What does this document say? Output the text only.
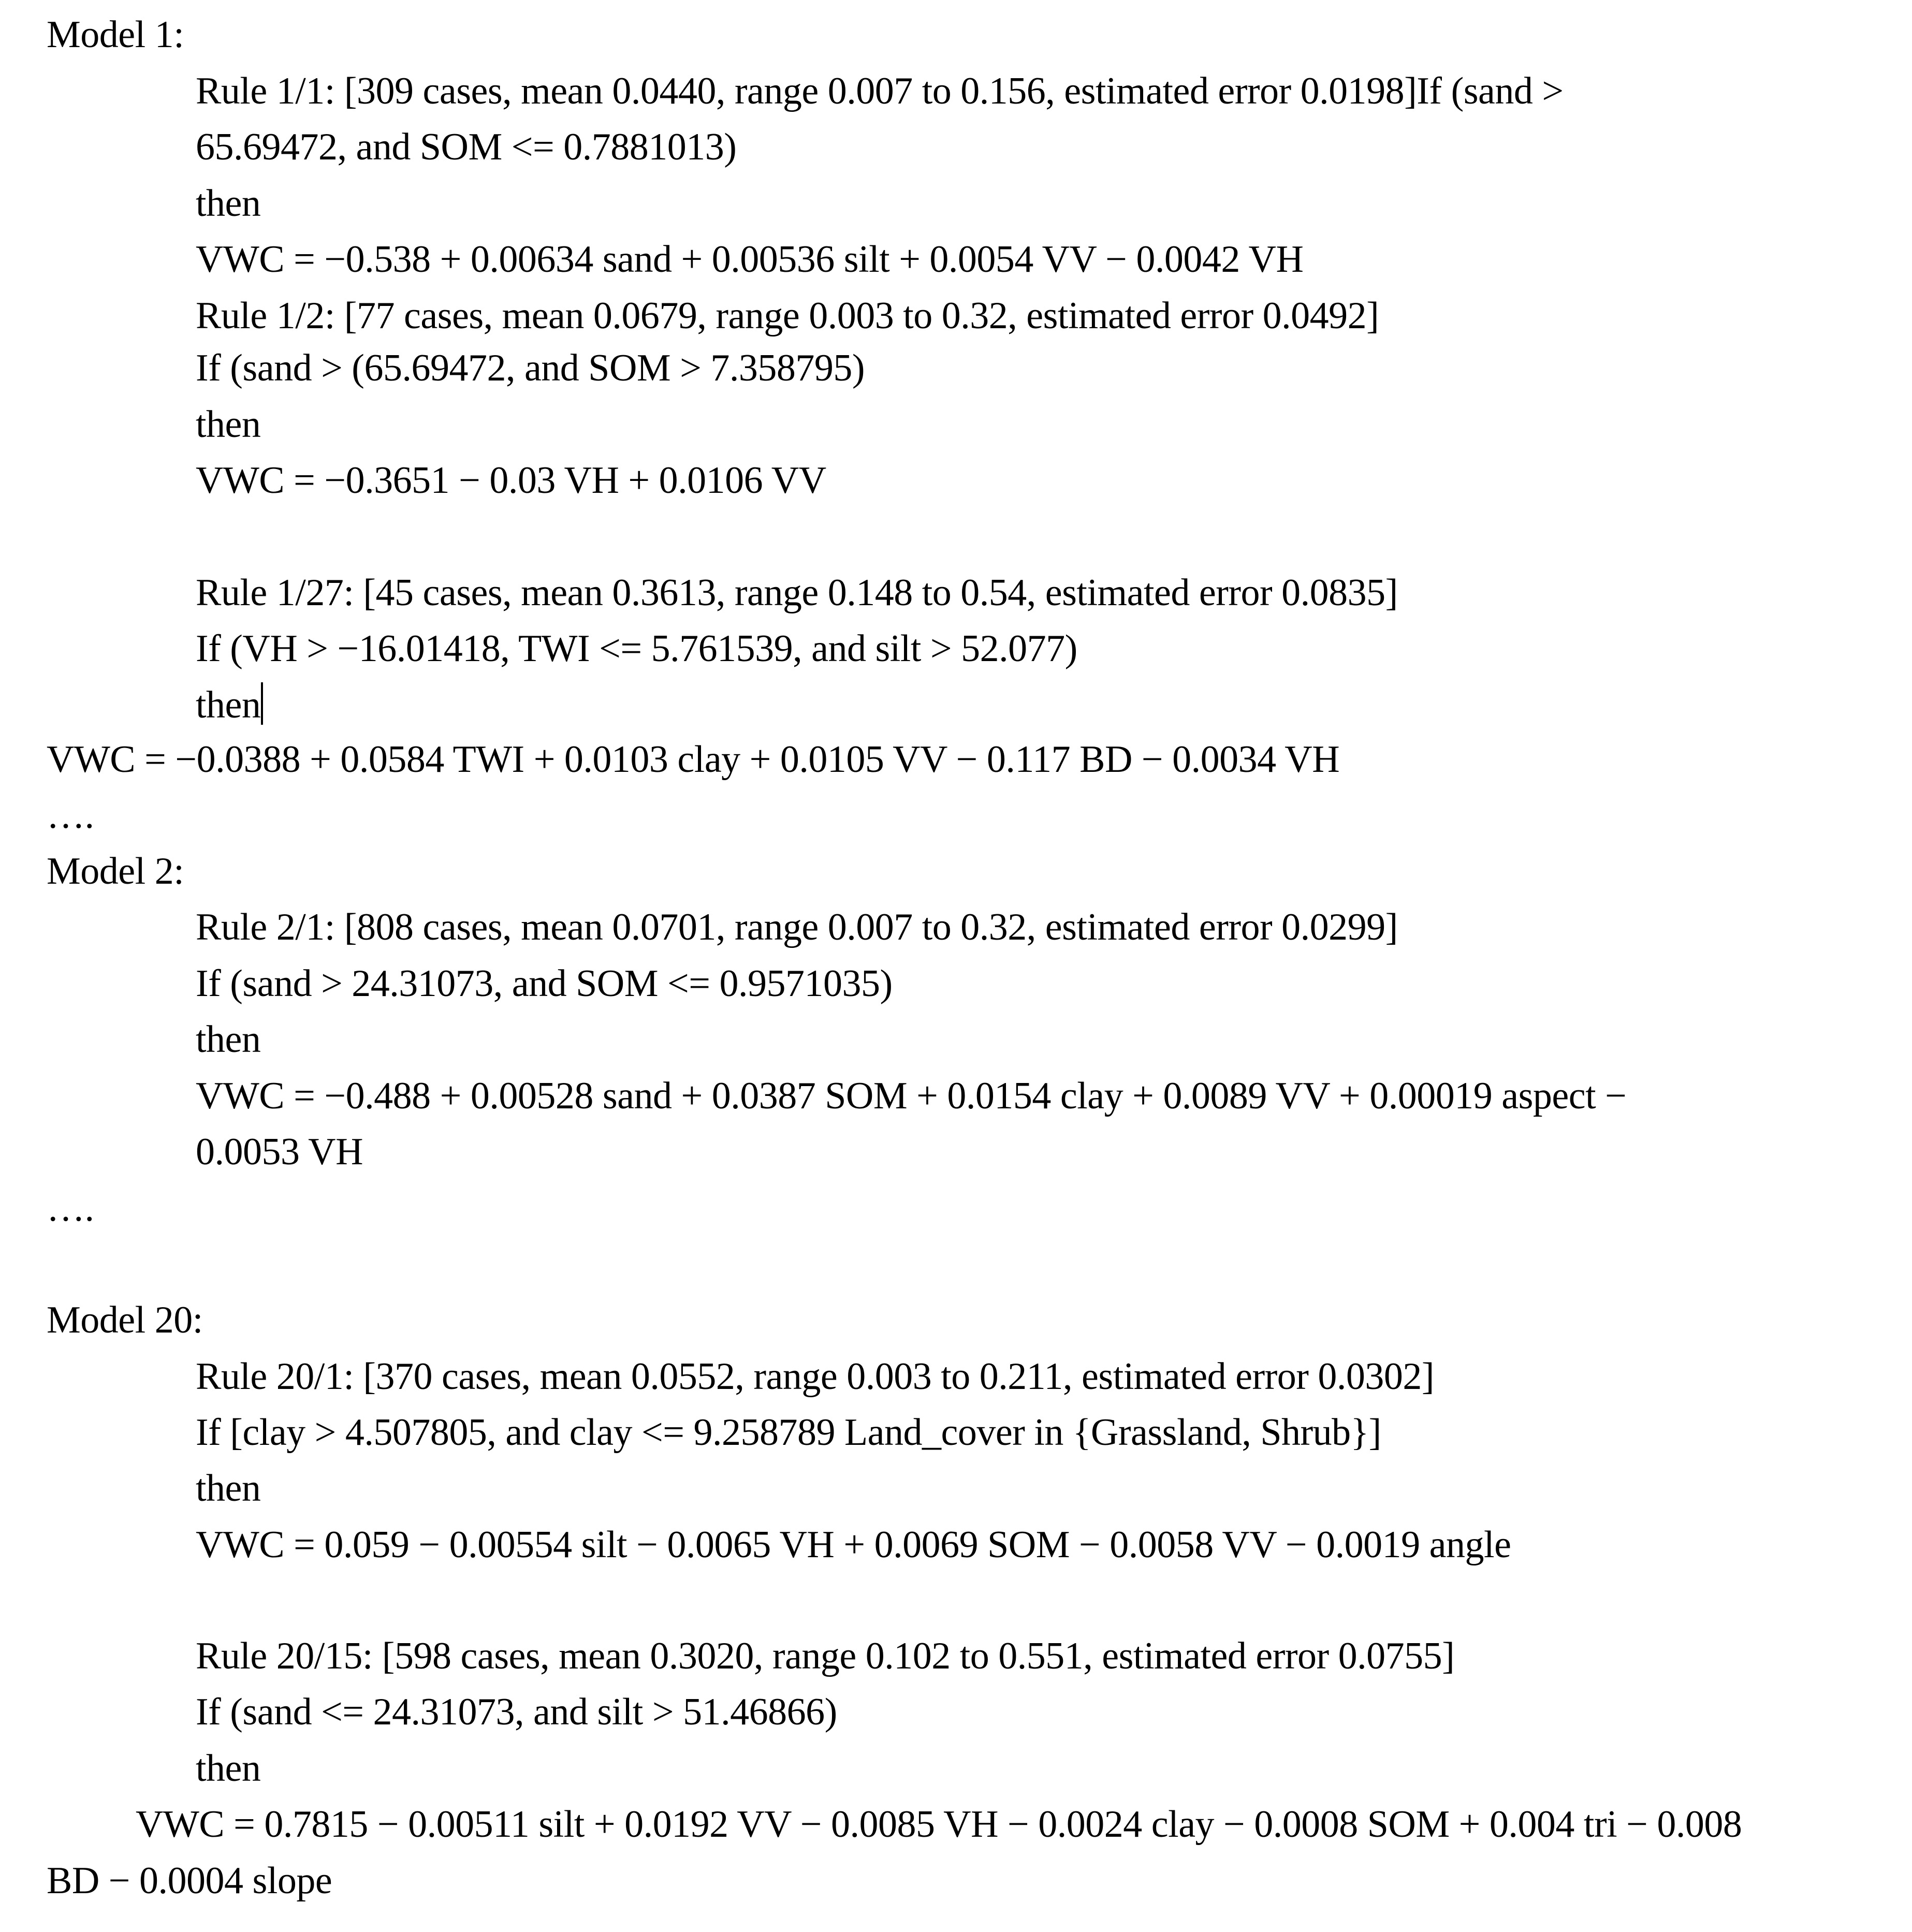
Model 1:
Rule 1/1: [309 cases, mean 0.0440, range 0.007 to 0.156, estimated error 0.0198]If (sand >
65.69472, and SOM <= 0.7881013)
then
VWC = −0.538 + 0.00634 sand + 0.00536 silt + 0.0054 VV − 0.0042 VH
Rule 1/2: [77 cases, mean 0.0679, range 0.003 to 0.32, estimated error 0.0492]
If (sand > (65.69472, and SOM > 7.358795)
then
VWC = −0.3651 − 0.03 VH + 0.0106 VV
Rule 1/27: [45 cases, mean 0.3613, range 0.148 to 0.54, estimated error 0.0835]
If (VH > −16.01418, TWI <= 5.761539, and silt > 52.077)
then
VWC = −0.0388 + 0.0584 TWI + 0.0103 clay + 0.0105 VV − 0.117 BD − 0.0034 VH
….
Model 2:
Rule 2/1: [808 cases, mean 0.0701, range 0.007 to 0.32, estimated error 0.0299]
If (sand > 24.31073, and SOM <= 0.9571035)
then
VWC = −0.488 + 0.00528 sand + 0.0387 SOM + 0.0154 clay + 0.0089 VV + 0.00019 aspect −
0.0053 VH
….
Model 20:
Rule 20/1: [370 cases, mean 0.0552, range 0.003 to 0.211, estimated error 0.0302]
If [clay > 4.507805, and clay <= 9.258789 Land_cover in {Grassland, Shrub}]
then
VWC = 0.059 − 0.00554 silt − 0.0065 VH + 0.0069 SOM − 0.0058 VV − 0.0019 angle
Rule 20/15: [598 cases, mean 0.3020, range 0.102 to 0.551, estimated error 0.0755]
If (sand <= 24.31073, and silt > 51.46866)
then
VWC = 0.7815 − 0.00511 silt + 0.0192 VV − 0.0085 VH − 0.0024 clay − 0.0008 SOM + 0.004 tri − 0.008
BD − 0.0004 slope
